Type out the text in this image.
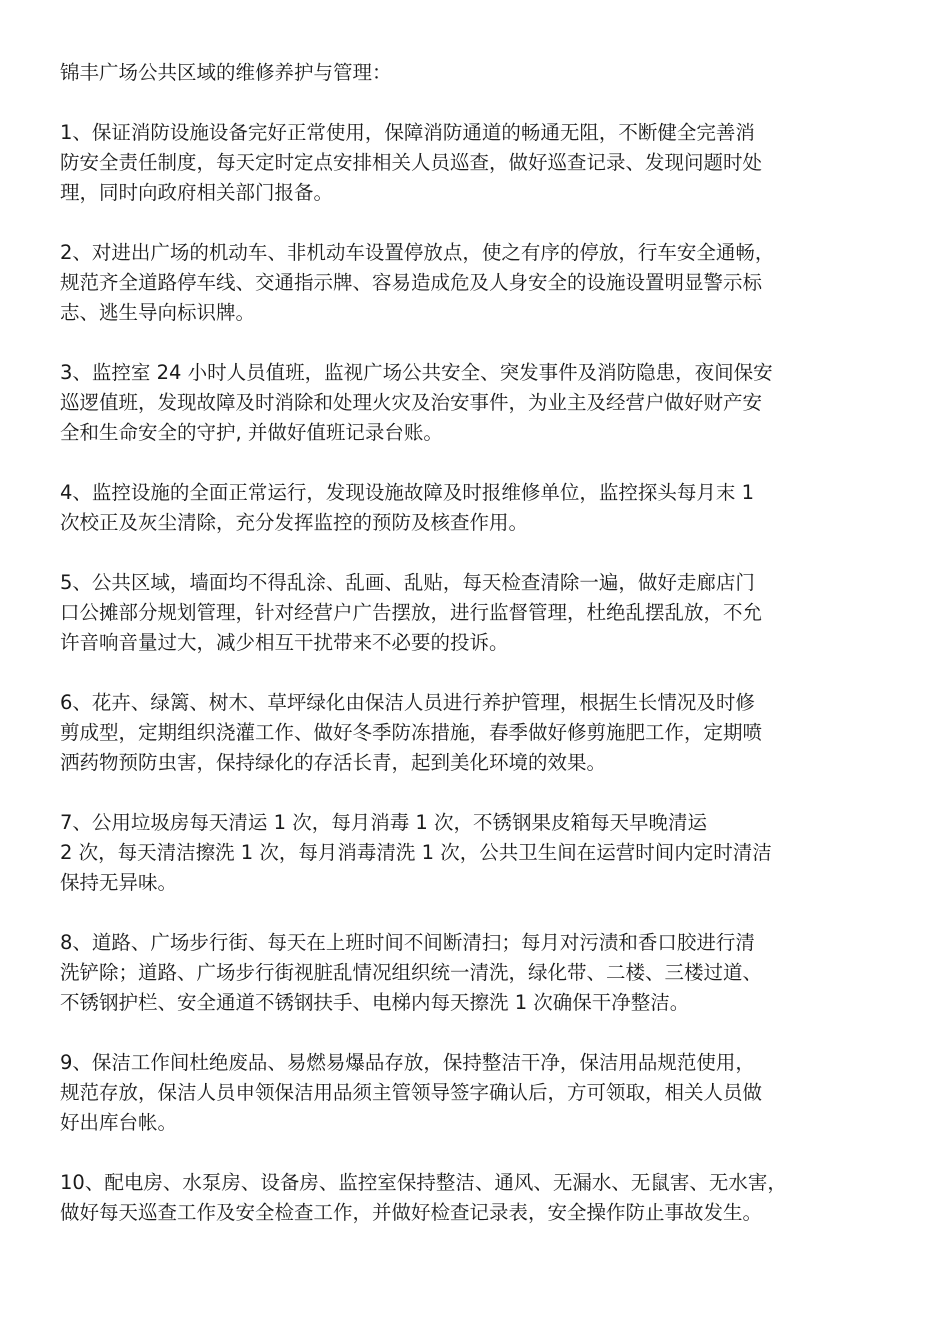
锦丰广场公共区域的维修养护与管理：
1、保证消防设施设备完好正常使用，保障消防通道的畅通无阻，不断健全完善消
防安全责任制度，每天定时定点安排相关人员巡查，做好巡查记录、发现问题时处
理，同时向政府相关部门报备。
2、对进出广场的机动车、非机动车设置停放点，使之有序的停放，行车安全通畅，
规范齐全道路停车线、交通指示牌、容易造成危及人身安全的设施设置明显警示标
志、逃生导向标识牌。
3、监控室 24 小时人员值班，监视广场公共安全、突发事件及消防隐患，夜间保安
巡逻值班，发现故障及时消除和处理火灾及治安事件，为业主及经营户做好财产安
全和生命安全的守护, 并做好值班记录台账。
4、监控设施的全面正常运行，发现设施故障及时报维修单位，监控探头每月末 1
次校正及灰尘清除，充分发挥监控的预防及核查作用。
5、公共区域，墙面均不得乱涂、乱画、乱贴，每天检查清除一遍，做好走廊店门
口公摊部分规划管理，针对经营户广告摆放，进行监督管理，杜绝乱摆乱放，不允
许音响音量过大，减少相互干扰带来不必要的投诉。
6、花卉、绿篱、树木、草坪绿化由保洁人员进行养护管理，根据生长情况及时修
剪成型，定期组织浇灌工作、做好冬季防冻措施，春季做好修剪施肥工作，定期喷
洒药物预防虫害，保持绿化的存活长青，起到美化环境的效果。
7、公用垃圾房每天清运 1 次，每月消毒 1 次，不锈钢果皮箱每天早晚清运
2 次，每天清洁擦洗 1 次，每月消毒清洗 1 次，公共卫生间在运营时间内定时清洁
保持无异味。
8、道路、广场步行街、每天在上班时间不间断清扫；每月对污渍和香口胶进行清
洗铲除；道路、广场步行街视脏乱情况组织统一清洗，绿化带、二楼、三楼过道、
不锈钢护栏、安全通道不锈钢扶手、电梯内每天擦洗 1 次确保干净整洁。
9、保洁工作间杜绝废品、易燃易爆品存放，保持整洁干净，保洁用品规范使用，
规范存放，保洁人员申领保洁用品须主管领导签字确认后，方可领取，相关人员做
好出库台帐。
10、配电房、水泵房、设备房、监控室保持整洁、通风、无漏水、无鼠害、无水害，
做好每天巡查工作及安全检查工作，并做好检查记录表，安全操作防止事故发生。
